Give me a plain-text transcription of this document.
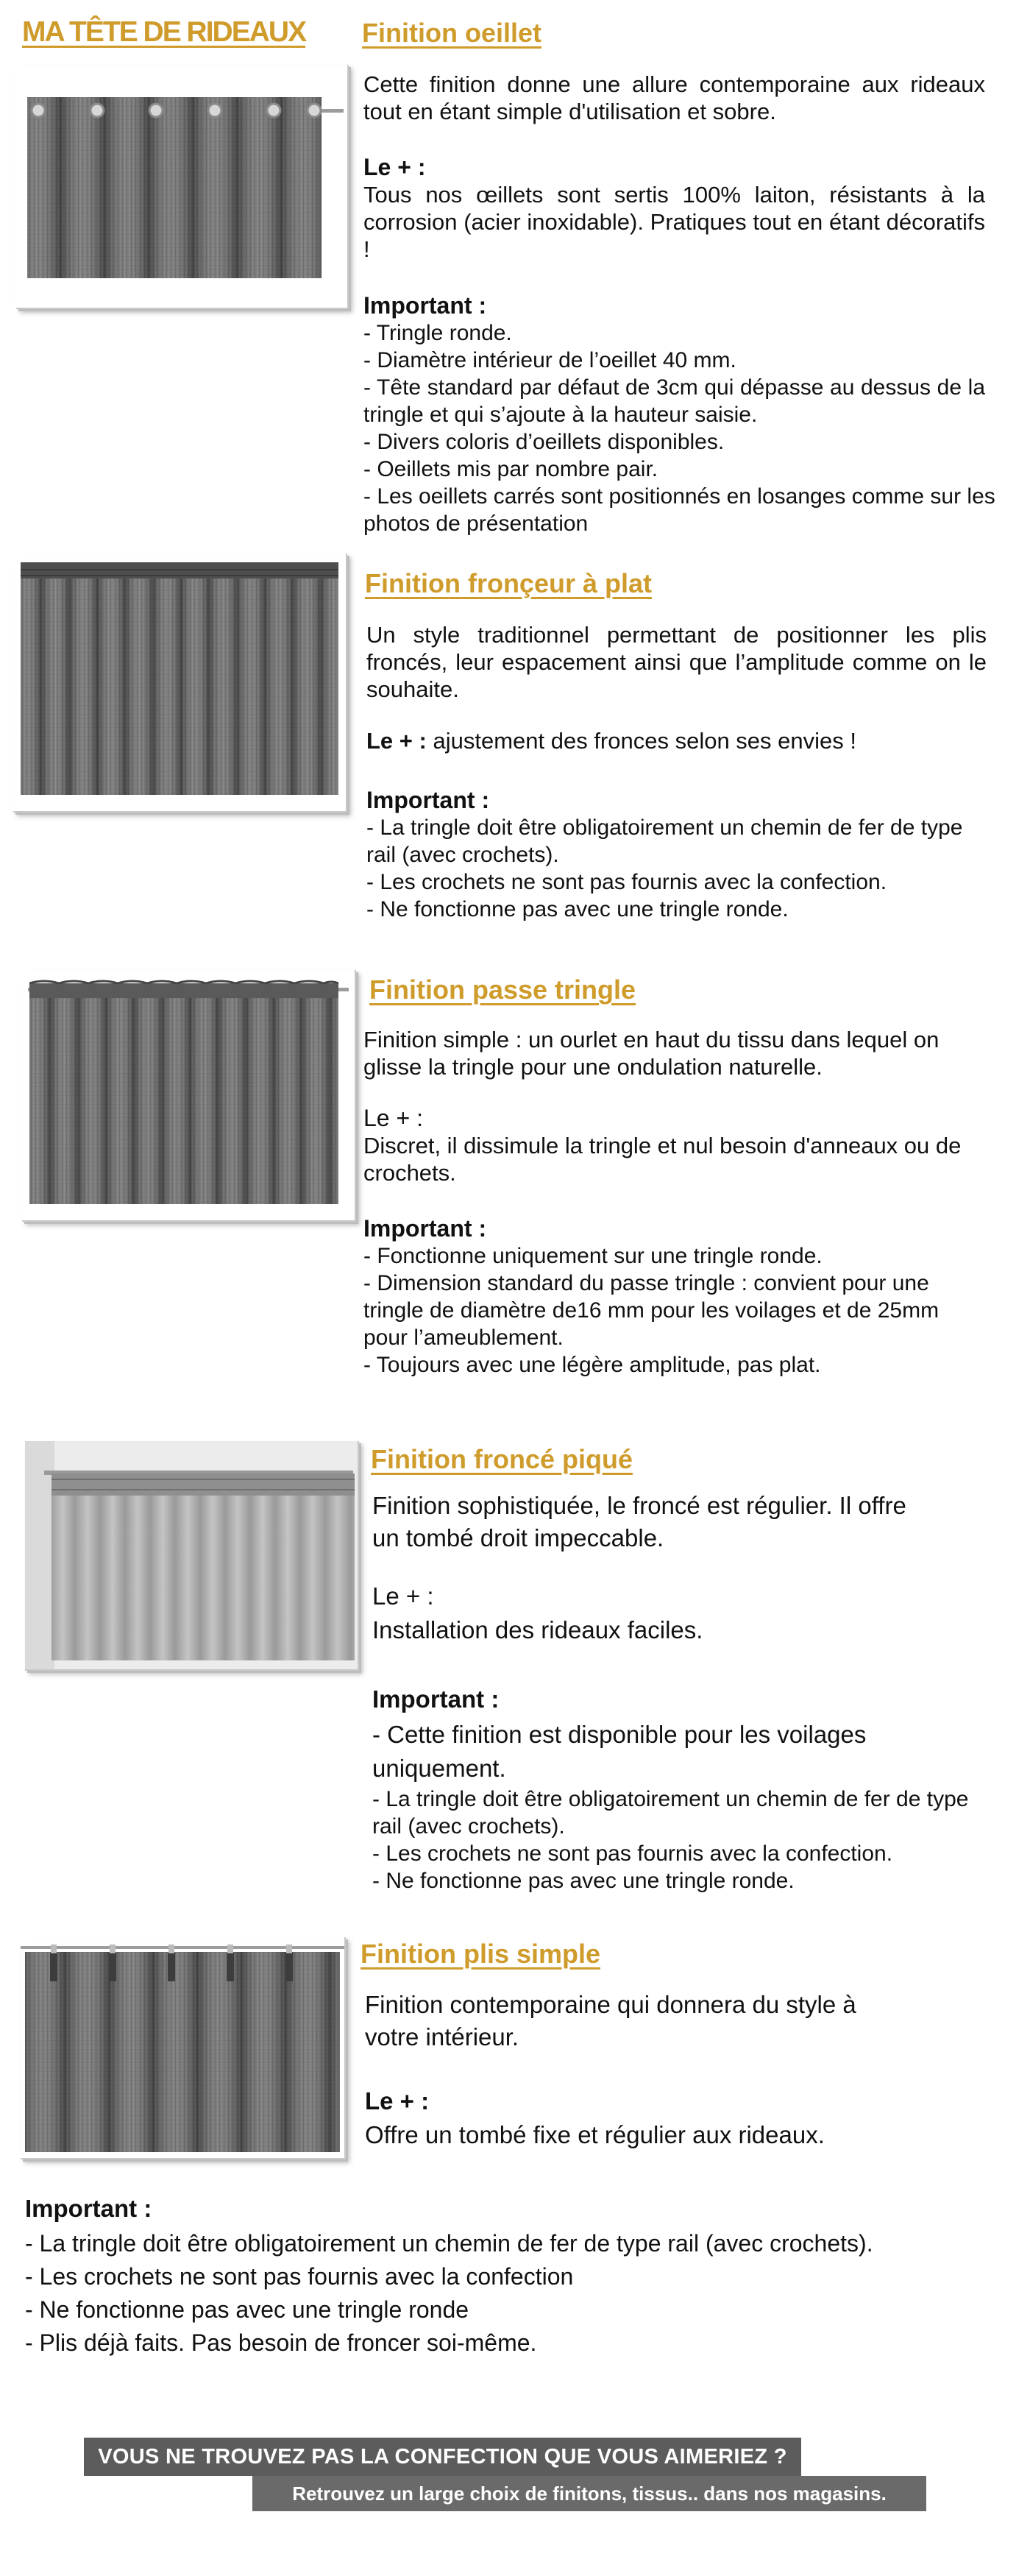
MA TÊTE DE RIDEAUX Finition oeillet

Cette finition donne une allure contemporaine aux rideaux tout en étant simple d'utilisation et sobre.

Le + :

Tous nos œillets sont sertis 100% laiton, résistants à la corrosion (acier inoxidable). Pratiques tout en étant décoratifs !

Important :

- Tringle ronde.
- Diamètre intérieur de l’oeillet 40 mm.
- Tête standard par défaut de 3cm qui dépasse au dessus de la tringle et qui s’ajoute à la hauteur saisie.
- Divers coloris d’oeillets disponibles.
- Oeillets mis par nombre pair.
- Les oeillets carrés sont positionnés en losanges comme sur les photos de présentation
Finition fronçeur à plat

Un style traditionnel permettant de positionner les plis froncés, leur espacement ainsi que l’amplitude comme on le souhaite.

Le + : ajustement des fronces selon ses envies !

Important :

- La tringle doit être obligatoirement un chemin de fer de type rail (avec crochets).
- Les crochets ne sont pas fournis avec la confection.
- Ne fonctionne pas avec une tringle ronde.
Finition passe tringle

Finition simple : un ourlet en haut du tissu dans lequel on glisse la tringle pour une ondulation naturelle.

Le + :

Discret, il dissimule la tringle et nul besoin d'anneaux ou de crochets.

Important :

- Fonctionne uniquement sur une tringle ronde.
- Dimension standard du passe tringle : convient pour une tringle de diamètre de16 mm pour les voilages et de 25mm pour l’ameublement.
- Toujours avec une légère amplitude, pas plat.
Finition froncé piqué

Finition sophistiquée, le froncé est régulier. Il offre un tombé droit impeccable.

Le + :

Installation des rideaux faciles.

Important :

- Cette finition est disponible pour les voilages uniquement.
- La tringle doit être obligatoirement un chemin de fer de type rail (avec crochets).
- Les crochets ne sont pas fournis avec la confection.
- Ne fonctionne pas avec une tringle ronde.
Finition plis simple

Finition contemporaine qui donnera du style à votre intérieur.

Le + :

Offre un tombé fixe et régulier aux rideaux.

Important :

- La tringle doit être obligatoirement un chemin de fer de type rail (avec crochets).
- Les crochets ne sont pas fournis avec la confection
- Ne fonctionne pas avec une tringle ronde
- Plis déjà faits. Pas besoin de froncer soi-même.
VOUS NE TROUVEZ PAS LA CONFECTION QUE VOUS AIMERIEZ ?
Retrouvez un large choix de finitons, tissus.. dans nos magasins.
